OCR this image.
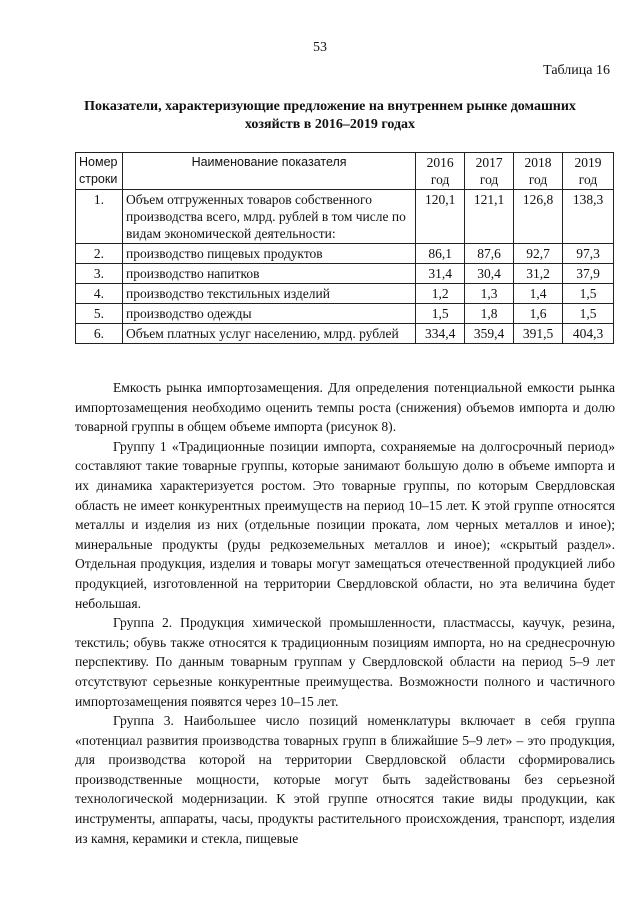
53
Таблица 16
Показатели, характеризующие предложение на внутреннем рынке домашних хозяйств в 2016–2019 годах
Номер строки	Наименование показателя	2016 год	2017 год	2018 год	2019 год
1.	Объем отгруженных товаров собственного производства всего, млрд. рублей в том числе по видам экономической деятельности:	120,1	121,1	126,8	138,3
2.	производство пищевых продуктов	86,1	87,6	92,7	97,3
3.	производство напитков	31,4	30,4	31,2	37,9
4.	производство текстильных изделий	1,2	1,3	1,4	1,5
5.	производство одежды	1,5	1,8	1,6	1,5
6.	Объем платных услуг населению, млрд. рублей	334,4	359,4	391,5	404,3

Емкость рынка импортозамещения. Для определения потенциальной емкости рынка импортозамещения необходимо оценить темпы роста (снижения) объемов импорта и долю товарной группы в общем объеме импорта (рисунок 8).

Группу 1 «Традиционные позиции импорта, сохраняемые на долгосрочный период» составляют такие товарные группы, которые занимают большую долю в объеме импорта и их динамика характеризуется ростом. Это товарные группы, по которым Свердловская область не имеет конкурентных преимуществ на период 10–15 лет. К этой группе относятся металлы и изделия из них (отдельные позиции проката, лом черных металлов и иное); минеральные продукты (руды редкоземельных металлов и иное); «скрытый раздел». Отдельная продукция, изделия и товары могут замещаться отечественной продукцией либо продукцией, изготовленной на территории Свердловской области, но эта величина будет небольшая.

Группа 2. Продукция химической промышленности, пластмассы, каучук, резина, текстиль; обувь также относятся к традиционным позициям импорта, но на среднесрочную перспективу. По данным товарным группам у Свердловской области на период 5–9 лет отсутствуют серьезные конкурентные преимущества. Возможности полного и частичного импортозамещения появятся через 10–15 лет.

Группа 3. Наибольшее число позиций номенклатуры включает в себя группа «потенциал развития производства товарных групп в ближайшие 5–9 лет» – это продукция, для производства которой на территории Свердловской области сформировались производственные мощности, которые могут быть задействованы без серьезной технологической модернизации. К этой группе относятся такие виды продукции, как инструменты, аппараты, часы, продукты растительного происхождения, транспорт, изделия из камня, керамики и стекла, пищевые
